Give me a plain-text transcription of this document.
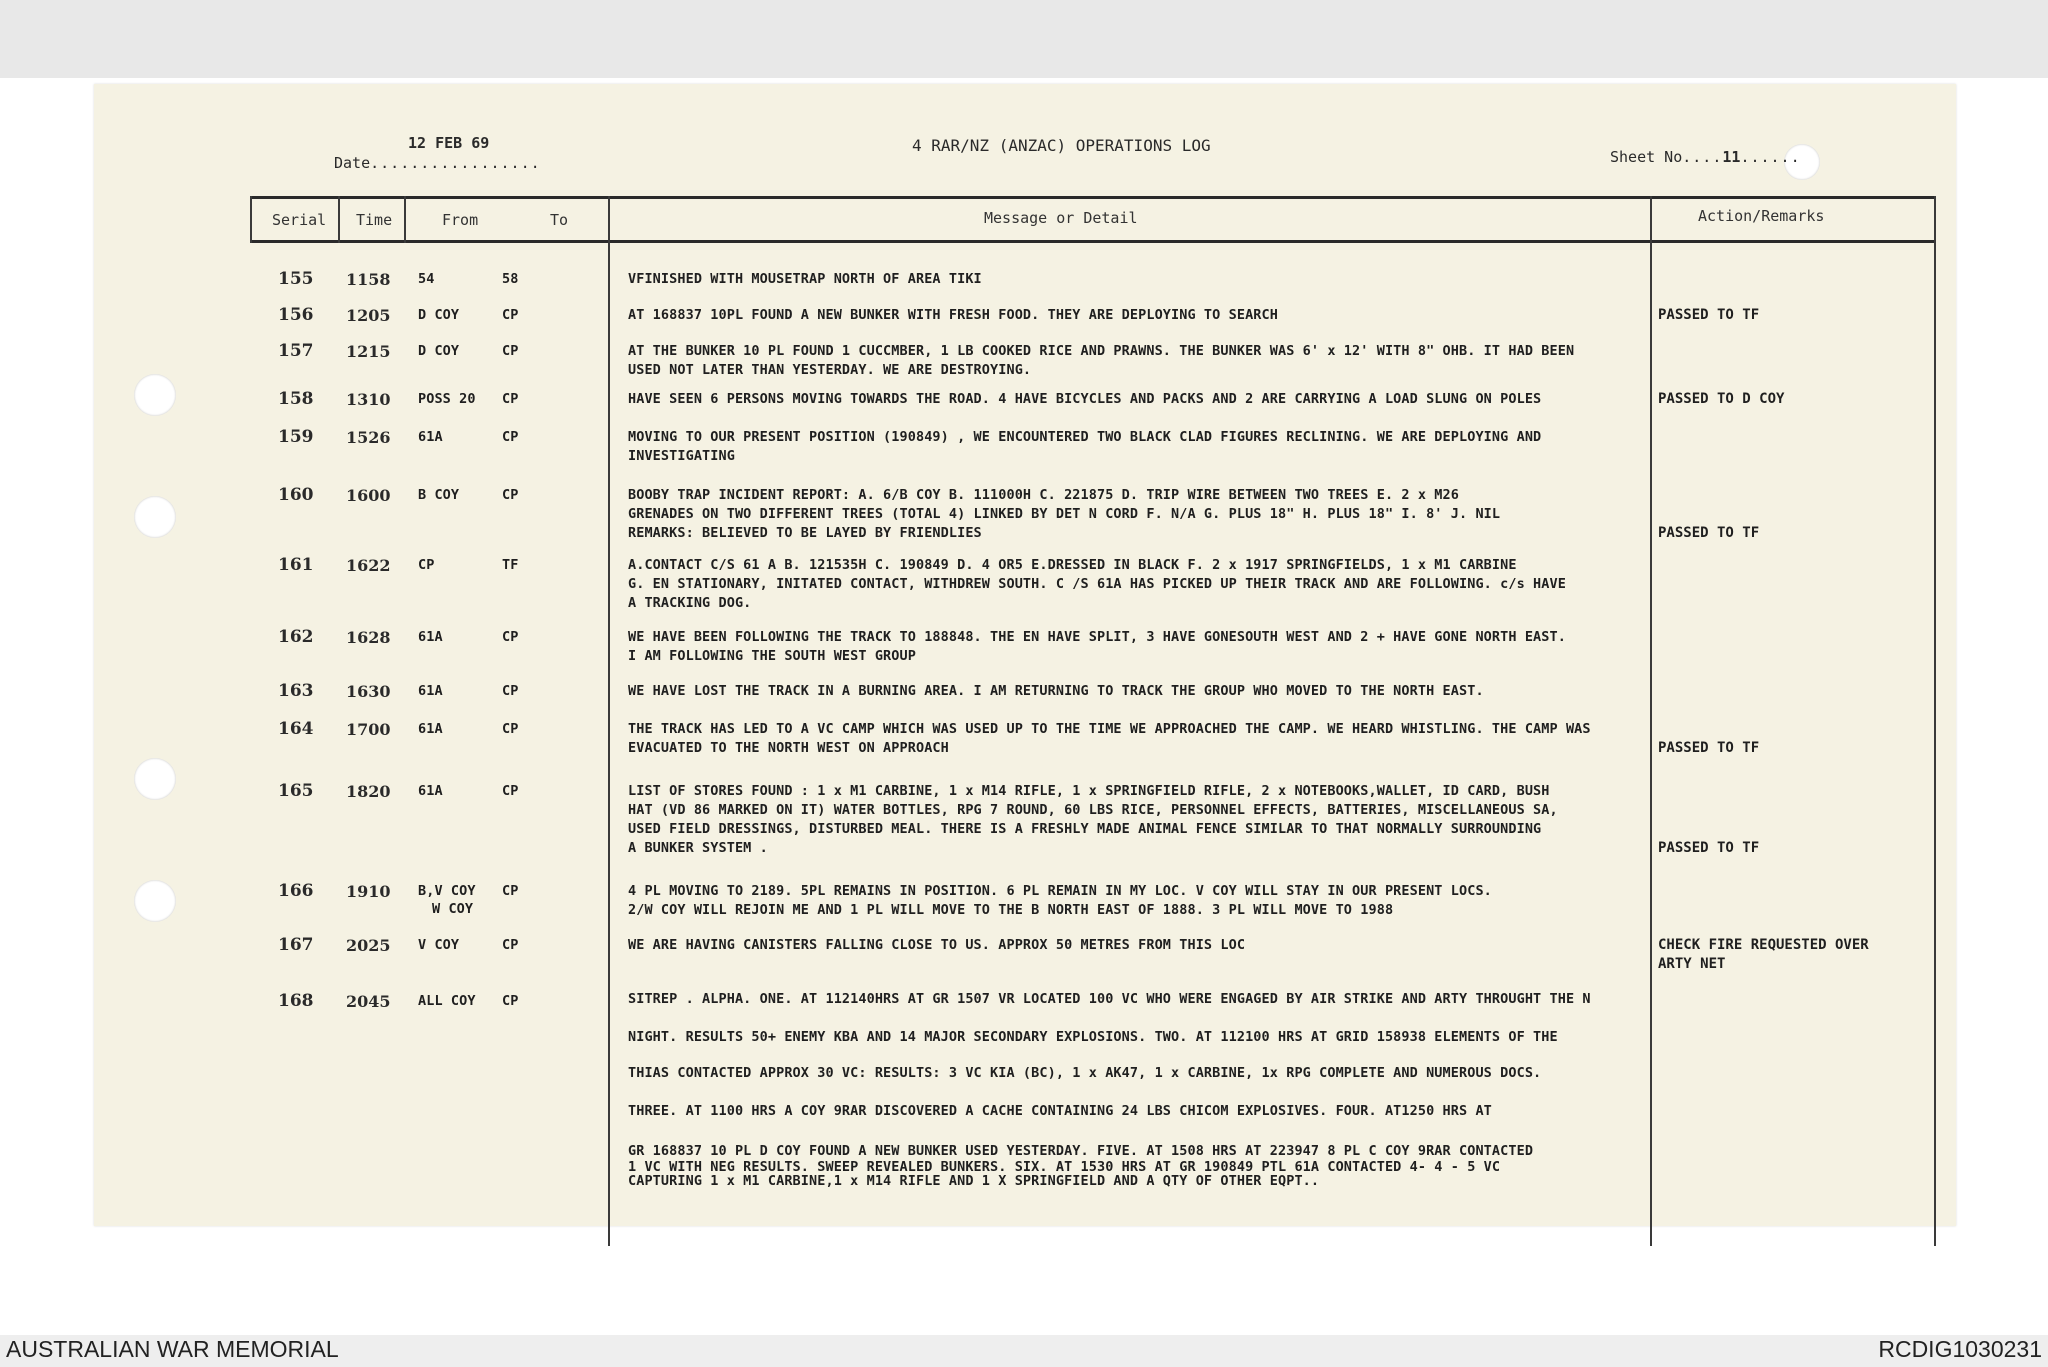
12 FEB 69
Date.................
4 RAR/NZ (ANZAC) OPERATIONS LOG
Sheet No....11......
Serial Time	From	To	Message or Detail	Action/Remarks
155 1158 54	58	VFINISHED WITH MOUSETRAP NORTH OF AREA TIKI
156 1205 D COY	CP	AT 168837 10PL FOUND A NEW BUNKER WITH FRESH FOOD. THEY ARE DEPLOYING TO SEARCH	PASSED TO TF
157 1215 D COY	CP	AT THE BUNKER 10 PL FOUND 1 CUCCMBER, 1 LB COOKED RICE AND PRAWNS. THE BUNKER WAS 6' x 12' WITH 8" OHB. IT HAD BEEN
USED NOT LATER THAN YESTERDAY. WE ARE DESTROYING.
158 1310 POSS 20 CP	HAVE SEEN 6 PERSONS MOVING TOWARDS THE ROAD. 4 HAVE BICYCLES AND PACKS AND 2 ARE CARRYING A LOAD SLUNG ON POLES	PASSED TO D COY
159 1526 61A	CP	MOVING TO OUR PRESENT POSITION (190849) , WE ENCOUNTERED TWO BLACK CLAD FIGURES RECLINING. WE ARE DEPLOYING AND
INVESTIGATING
160 1600 B COY	CP	BOOBY TRAP INCIDENT REPORT: A. 6/B COY B. 111000H C. 221875 D. TRIP WIRE BETWEEN TWO TREES E. 2 x M26
GRENADES ON TWO DIFFERENT TREES (TOTAL 4) LINKED BY DET N CORD F. N/A G. PLUS 18" H. PLUS 18" I. 8' J. NIL
REMARKS: BELIEVED TO BE LAYED BY FRIENDLIES	PASSED TO TF
161 1622 CP	TF	A.CONTACT C/S 61 A B. 121535H C. 190849 D. 4 OR5 E.DRESSED IN BLACK F. 2 x 1917 SPRINGFIELDS, 1 x M1 CARBINE
G. EN STATIONARY, INITATED CONTACT, WITHDREW SOUTH. C /S 61A HAS PICKED UP THEIR TRACK AND ARE FOLLOWING. c/s HAVE
A TRACKING DOG.
162 1628 61A	CP	WE HAVE BEEN FOLLOWING THE TRACK TO 188848. THE EN HAVE SPLIT, 3 HAVE GONESOUTH WEST AND 2 + HAVE GONE NORTH EAST.
I AM FOLLOWING THE SOUTH WEST GROUP
163 1630 61A	CP	WE HAVE LOST THE TRACK IN A BURNING AREA. I AM RETURNING TO TRACK THE GROUP WHO MOVED TO THE NORTH EAST.
164 1700 61A	CP	THE TRACK HAS LED TO A VC CAMP WHICH WAS USED UP TO THE TIME WE APPROACHED THE CAMP. WE HEARD WHISTLING. THE CAMP WAS
EVACUATED TO THE NORTH WEST ON APPROACH	PASSED TO TF
165 1820 61A	CP	LIST OF STORES FOUND : 1 x M1 CARBINE, 1 x M14 RIFLE, 1 x SPRINGFIELD RIFLE, 2 x NOTEBOOKS,WALLET, ID CARD, BUSH
HAT (VD 86 MARKED ON IT) WATER BOTTLES, RPG 7 ROUND, 60 LBS RICE, PERSONNEL EFFECTS, BATTERIES, MISCELLANEOUS SA,
USED FIELD DRESSINGS, DISTURBED MEAL. THERE IS A FRESHLY MADE ANIMAL FENCE SIMILAR TO THAT NORMALLY SURROUNDING
A BUNKER SYSTEM .	PASSED TO TF
166 1910 B,V COY
W COY
CP	4 PL MOVING TO 2189. 5PL REMAINS IN POSITION. 6 PL REMAIN IN MY LOC. V COY WILL STAY IN OUR PRESENT LOCS.
2/W COY WILL REJOIN ME AND 1 PL WILL MOVE TO THE B NORTH EAST OF 1888. 3 PL WILL MOVE TO 1988
167 2025 V COY	CP	WE ARE HAVING CANISTERS FALLING CLOSE TO US. APPROX 50 METRES FROM THIS LOC	CHECK FIRE REQUESTED OVER
ARTY NET
168 2045 ALL COY CP	SITREP . ALPHA. ONE. AT 112140HRS AT GR 1507 VR LOCATED 100 VC WHO WERE ENGAGED BY AIR STRIKE AND ARTY THROUGHT THE N
NIGHT. RESULTS 50+ ENEMY KBA AND 14 MAJOR SECONDARY EXPLOSIONS. TWO. AT 112100 HRS AT GRID 158938 ELEMENTS OF THE
THIAS CONTACTED APPROX 30 VC: RESULTS: 3 VC KIA (BC), 1 x AK47, 1 x CARBINE, 1x RPG COMPLETE AND NUMEROUS DOCS.
THREE. AT 1100 HRS A COY 9RAR DISCOVERED A CACHE CONTAINING 24 LBS CHICOM EXPLOSIVES. FOUR. AT1250 HRS AT
GR 168837 10 PL D COY FOUND A NEW BUNKER USED YESTERDAY. FIVE. AT 1508 HRS AT 223947 8 PL C COY 9RAR CONTACTED
1 VC WITH NEG RESULTS. SWEEP REVEALED BUNKERS. SIX. AT 1530 HRS AT GR 190849 PTL 61A CONTACTED 4- 4 - 5 VC
CAPTURING 1 x M1 CARBINE,1 x M14 RIFLE AND 1 X SPRINGFIELD AND A QTY OF OTHER EQPT..
AUSTRALIAN WAR MEMORIAL	RCDIG1030231
